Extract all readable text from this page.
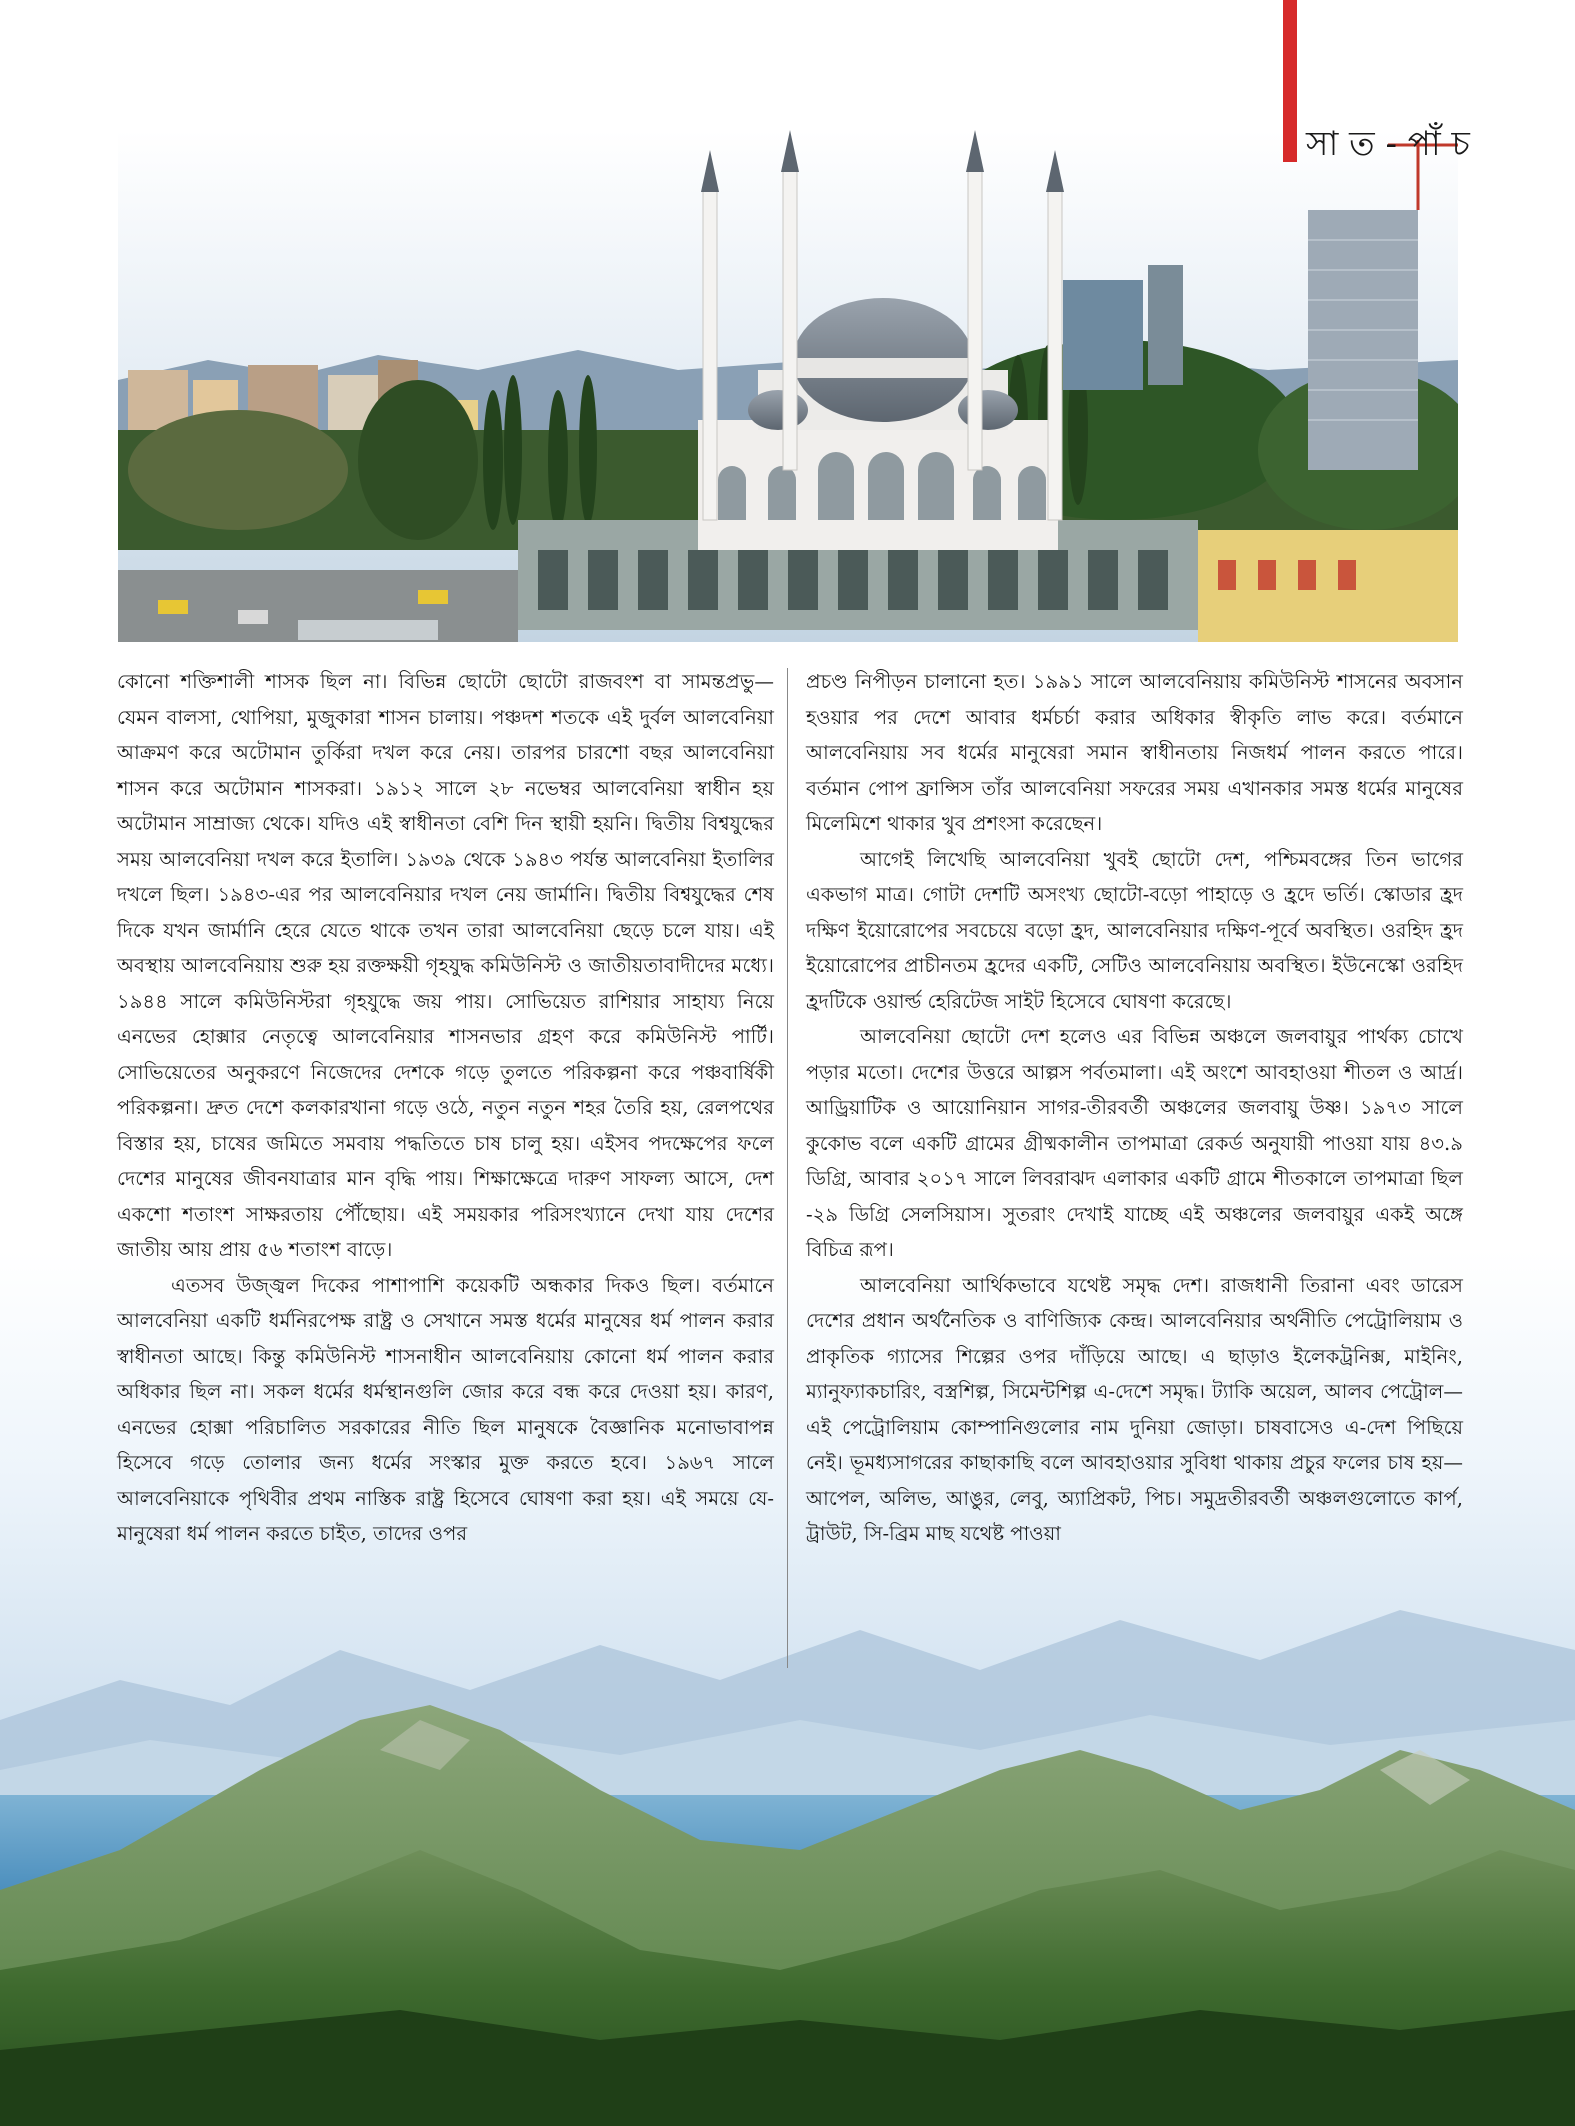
সা ত - পাঁ চ

কোনো শক্তিশালী শাসক ছিল না। বিভিন্ন ছোটো ছোটো রাজবংশ বা সামন্তপ্রভু— যেমন বালসা, থোপিয়া, মুজুকারা শাসন চালায়। পঞ্চদশ শতকে এই দুর্বল আলবেনিয়া আক্রমণ করে অটোমান তুর্কিরা দখল করে নেয়। তারপর চারশো বছর আলবেনিয়া শাসন করে অটোমান শাসকরা। ১৯১২ সালে ২৮ নভেম্বর আলবেনিয়া স্বাধীন হয় অটোমান সাম্রাজ্য থেকে। যদিও এই স্বাধীনতা বেশি দিন স্থায়ী হয়নি। দ্বিতীয় বিশ্বযুদ্ধের সময় আলবেনিয়া দখল করে ইতালি। ১৯৩৯ থেকে ১৯৪৩ পর্যন্ত আলবেনিয়া ইতালির দখলে ছিল। ১৯৪৩-এর পর আলবেনিয়ার দখল নেয় জার্মানি। দ্বিতীয় বিশ্বযুদ্ধের শেষ দিকে যখন জার্মানি হেরে যেতে থাকে তখন তারা আলবেনিয়া ছেড়ে চলে যায়। এই অবস্থায় আলবেনিয়ায় শুরু হয় রক্তক্ষয়ী গৃহযুদ্ধ কমিউনিস্ট ও জাতীয়তাবাদীদের মধ্যে। ১৯৪৪ সালে কমিউনিস্টরা গৃহযুদ্ধে জয় পায়। সোভিয়েত রাশিয়ার সাহায্য নিয়ে এনভের হোক্সার নেতৃত্বে আলবেনিয়ার শাসনভার গ্রহণ করে কমিউনিস্ট পার্টি। সোভিয়েতের অনুকরণে নিজেদের দেশকে গড়ে তুলতে পরিকল্পনা করে পঞ্চবার্ষিকী পরিকল্পনা। দ্রুত দেশে কলকারখানা গড়ে ওঠে, নতুন নতুন শহর তৈরি হয়, রেলপথের বিস্তার হয়, চাষের জমিতে সমবায় পদ্ধতিতে চাষ চালু হয়। এইসব পদক্ষেপের ফলে দেশের মানুষের জীবনযাত্রার মান বৃদ্ধি পায়। শিক্ষাক্ষেত্রে দারুণ সাফল্য আসে, দেশ একশো শতাংশ সাক্ষরতায় পৌঁছোয়। এই সময়কার পরিসংখ্যানে দেখা যায় দেশের জাতীয় আয় প্রায় ৫৬ শতাংশ বাড়ে।

এতসব উজ্জ্বল দিকের পাশাপাশি কয়েকটি অন্ধকার দিকও ছিল। বর্তমানে আলবেনিয়া একটি ধর্মনিরপেক্ষ রাষ্ট্র ও সেখানে সমস্ত ধর্মের মানুষের ধর্ম পালন করার স্বাধীনতা আছে। কিন্তু কমিউনিস্ট শাসনাধীন আলবেনিয়ায় কোনো ধর্ম পালন করার অধিকার ছিল না। সকল ধর্মের ধর্মস্থানগুলি জোর করে বন্ধ করে দেওয়া হয়। কারণ, এনভের হোক্সা পরিচালিত সরকারের নীতি ছিল মানুষকে বৈজ্ঞানিক মনোভাবাপন্ন হিসেবে গড়ে তোলার জন্য ধর্মের সংস্কার মুক্ত করতে হবে। ১৯৬৭ সালে আলবেনিয়াকে পৃথিবীর প্রথম নাস্তিক রাষ্ট্র হিসেবে ঘোষণা করা হয়। এই সময়ে যে-মানুষেরা ধর্ম পালন করতে চাইত, তাদের ওপর

প্রচণ্ড নিপীড়ন চালানো হত। ১৯৯১ সালে আলবেনিয়ায় কমিউনিস্ট শাসনের অবসান হওয়ার পর দেশে আবার ধর্মচর্চা করার অধিকার স্বীকৃতি লাভ করে। বর্তমানে আলবেনিয়ায় সব ধর্মের মানুষেরা সমান স্বাধীনতায় নিজধর্ম পালন করতে পারে। বর্তমান পোপ ফ্রান্সিস তাঁর আলবেনিয়া সফরের সময় এখানকার সমস্ত ধর্মের মানুষের মিলেমিশে থাকার খুব প্রশংসা করেছেন।

আগেই লিখেছি আলবেনিয়া খুবই ছোটো দেশ, পশ্চিমবঙ্গের তিন ভাগের একভাগ মাত্র। গোটা দেশটি অসংখ্য ছোটো-বড়ো পাহাড়ে ও হ্রদে ভর্তি। স্কোডার হ্রদ দক্ষিণ ইয়োরোপের সবচেয়ে বড়ো হ্রদ, আলবেনিয়ার দক্ষিণ-পূর্বে অবস্থিত। ওরহিদ হ্রদ ইয়োরোপের প্রাচীনতম হ্রদের একটি, সেটিও আলবেনিয়ায় অবস্থিত। ইউনেস্কো ওরহিদ হ্রদটিকে ওয়ার্ল্ড হেরিটেজ সাইট হিসেবে ঘোষণা করেছে।

আলবেনিয়া ছোটো দেশ হলেও এর বিভিন্ন অঞ্চলে জলবায়ুর পার্থক্য চোখে পড়ার মতো। দেশের উত্তরে আল্পস পর্বতমালা। এই অংশে আবহাওয়া শীতল ও আর্দ্র। আড্রিয়াটিক ও আয়োনিয়ান সাগর-তীরবর্তী অঞ্চলের জলবায়ু উষ্ণ। ১৯৭৩ সালে কুকোভ বলে একটি গ্রামের গ্রীষ্মকালীন তাপমাত্রা রেকর্ড অনুযায়ী পাওয়া যায় ৪৩.৯ ডিগ্রি, আবার ২০১৭ সালে লিবরাঝদ এলাকার একটি গ্রামে শীতকালে তাপমাত্রা ছিল -২৯ ডিগ্রি সেলসিয়াস। সুতরাং দেখাই যাচ্ছে এই অঞ্চলের জলবায়ুর একই অঙ্গে বিচিত্র রূপ।

আলবেনিয়া আর্থিকভাবে যথেষ্ট সমৃদ্ধ দেশ। রাজধানী তিরানা এবং ডারেস দেশের প্রধান অর্থনৈতিক ও বাণিজ্যিক কেন্দ্র। আলবেনিয়ার অর্থনীতি পেট্রোলিয়াম ও প্রাকৃতিক গ্যাসের শিল্পের ওপর দাঁড়িয়ে আছে। এ ছাড়াও ইলেকট্রনিক্স, মাইনিং, ম্যানুফ্যাকচারিং, বস্ত্রশিল্প, সিমেন্টশিল্প এ-দেশে সমৃদ্ধ। ট্যাকি অয়েল, আলব পেট্রোল— এই পেট্রোলিয়াম কোম্পানিগুলোর নাম দুনিয়া জোড়া। চাষবাসেও এ-দেশ পিছিয়ে নেই। ভূমধ্যসাগরের কাছাকাছি বলে আবহাওয়ার সুবিধা থাকায় প্রচুর ফলের চাষ হয়— আপেল, অলিভ, আঙুর, লেবু, অ্যাপ্রিকট, পিচ। সমুদ্রতীরবর্তী অঞ্চলগুলোতে কার্প, ট্রাউট, সি-ব্রিম মাছ যথেষ্ট পাওয়া
